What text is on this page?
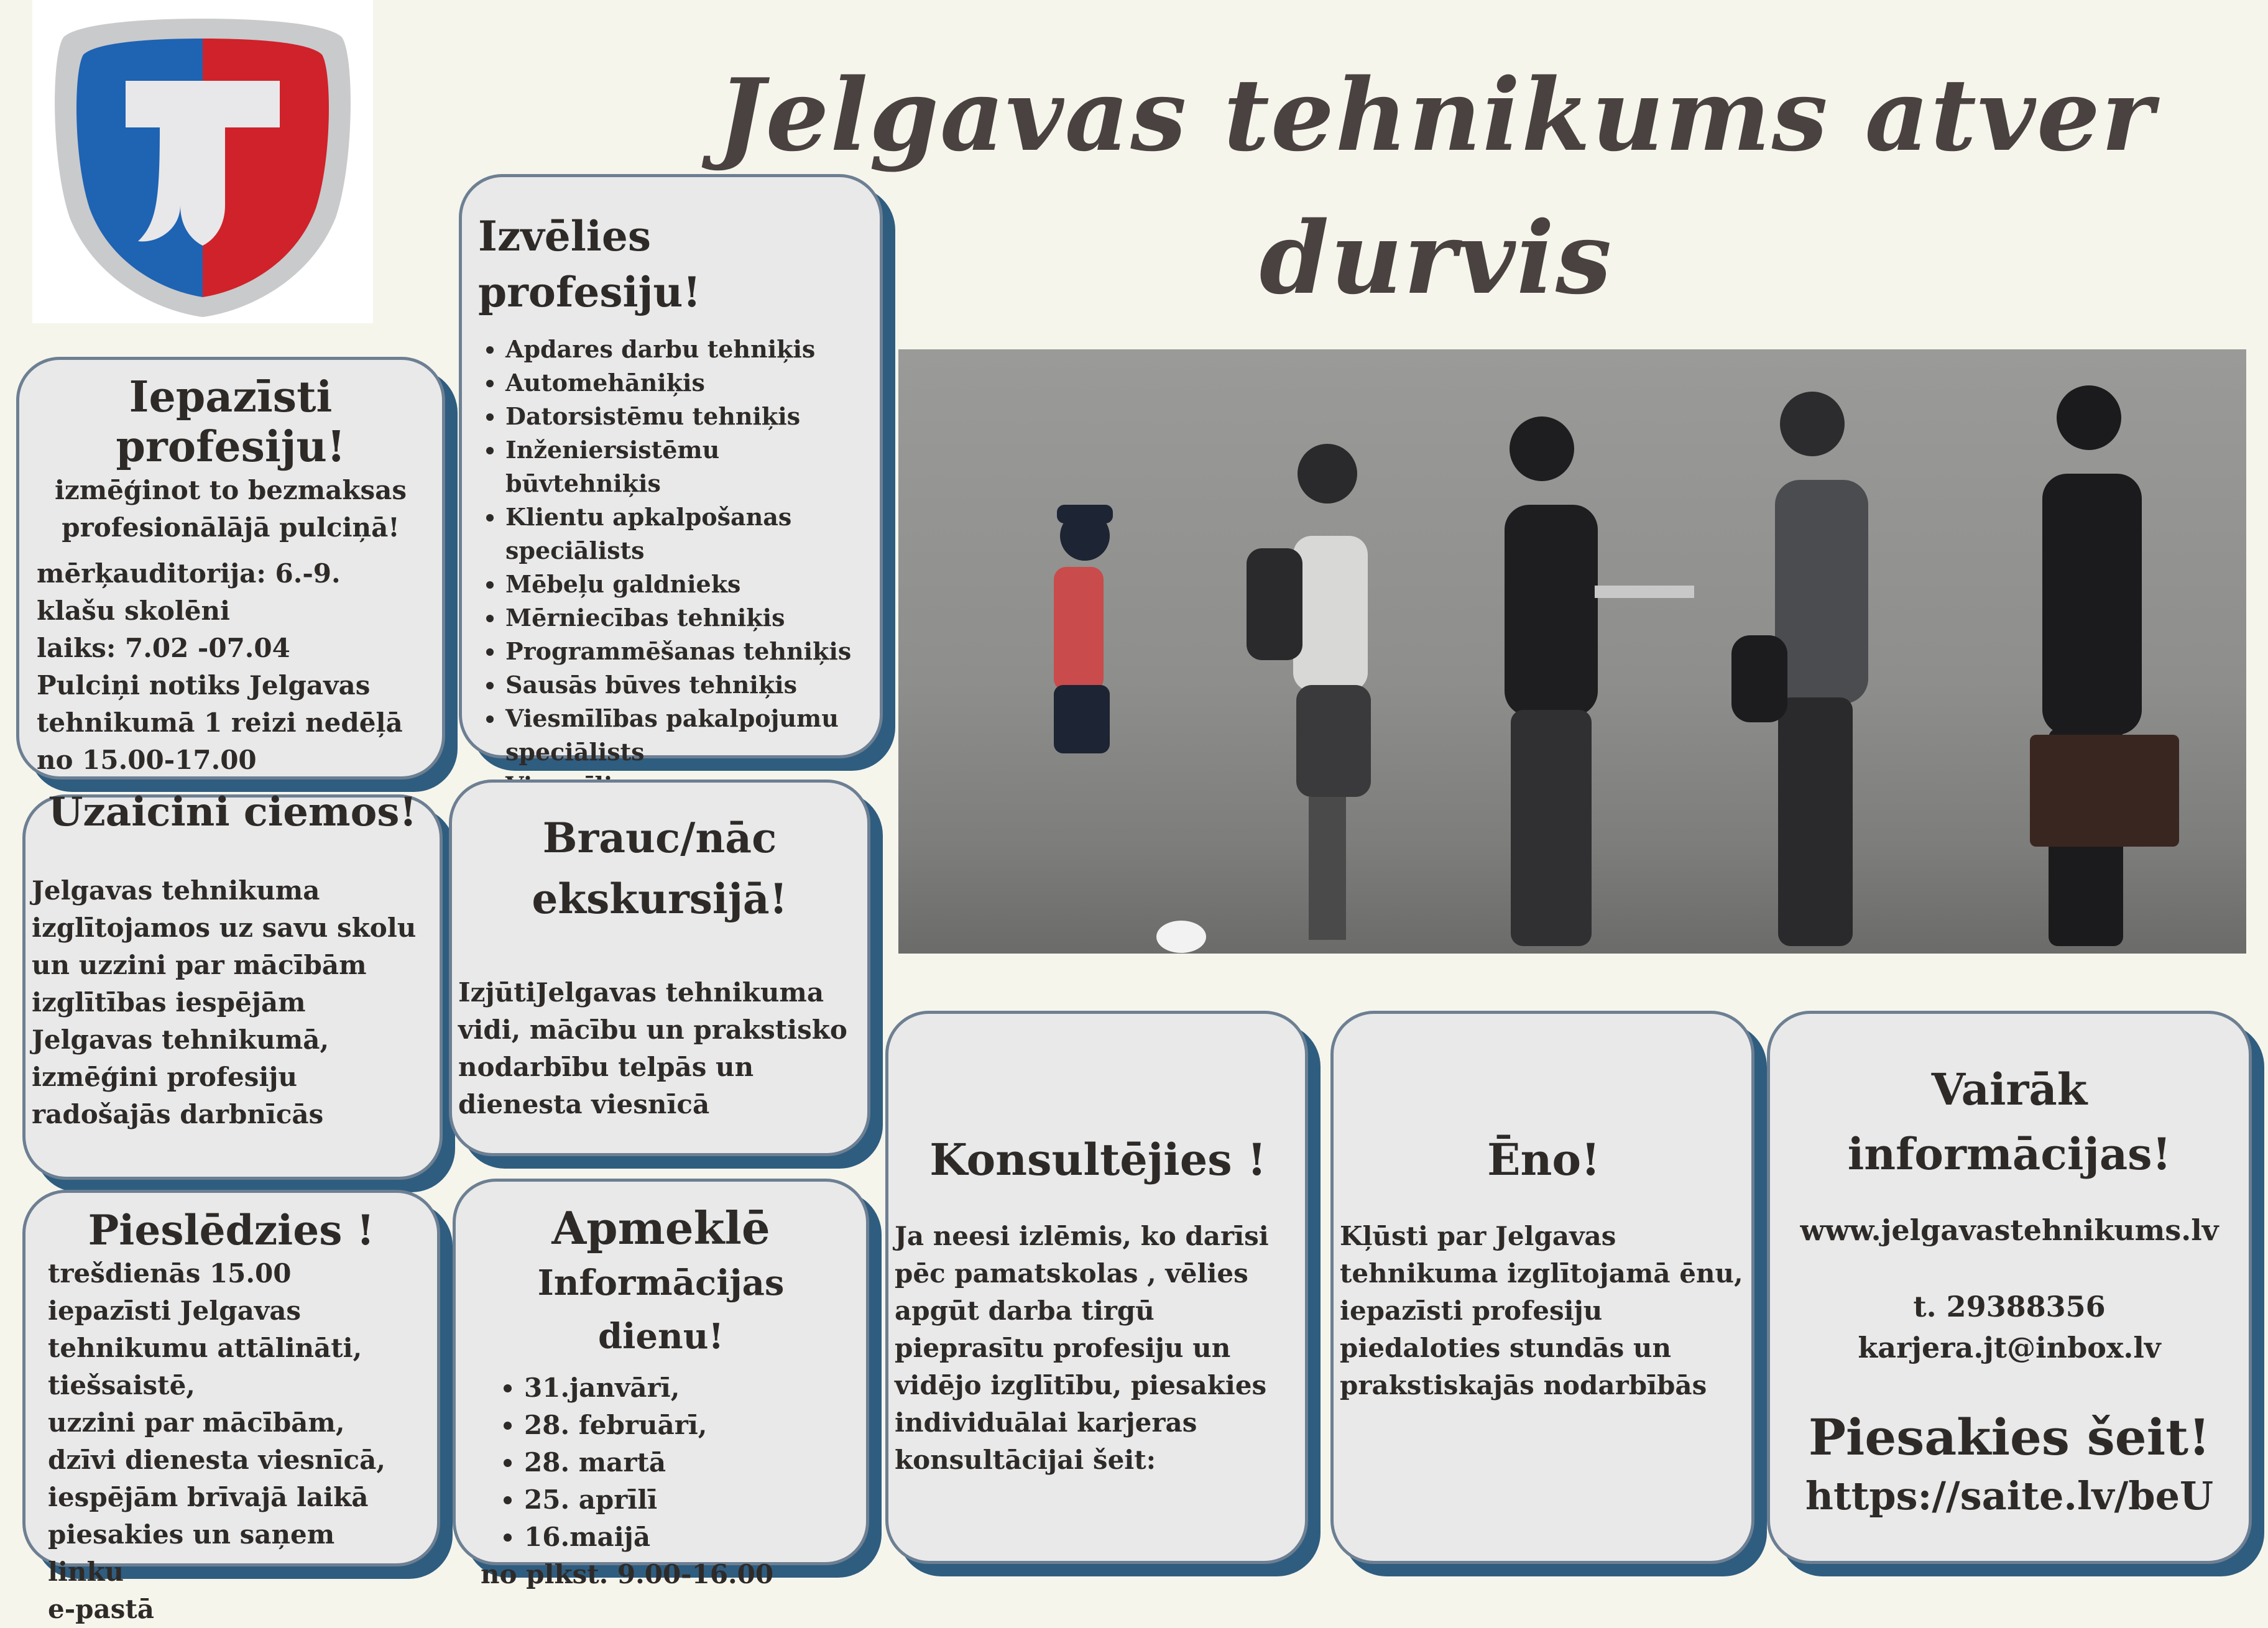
Jelgavas tehnikums atver durvis

Izvēlies profesiju!

• Apdares darbu tehniķis
• Automehāniķis
• Datorsistēmu tehniķis
• Inženiersistēmu būvtehniķis
• Klientu apkalpošanas speciālists
• Mēbeļu galdnieks
• Mērniecības tehniķis
• Programmēšanas tehniķis
• Sausās būves tehniķis
• Viesmīlības pakalpojumu speciālists
•

Iepazīsti profesiju!

izmēģinot to bezmaksas
profesionālājā pulciņā!

mērķauditorija: 6.-9. klašu skolēni

laiks: 7.02 -07.04

Pulciņi notiks Jelgavas tehnikumā 1 reizi nedēļā no 15.00-17.00

Uzaicini ciemos!

Jelgavas tehnikuma izglītojamos uz savu skolu un uzzini par mācībām izglītības iespējām Jelgavas tehnikumā, izmēģini profesiju radošajās darbnīcās

Brauc/nāc
ekskursijā!

IzjūtiJelgavas tehnikuma vidi, mācību un prakstisko nodarbību telpās un dienesta viesnīcā

Pieslēdzies !

trešdienās 15.00 iepazīsti Jelgavas tehnikumu attālināti, tiešsaistē,

uzzini par mācībām, dzīvi dienesta viesnīcā, iespējām brīvajā laikā

piesakies un saņem linku

e-pastā

Apmeklē
Informācijas dienu!
• 31.janvārī,
• 28. februārī,
• 28. martā
• 25. aprīlī
• 16.maijā

no plkst. 9.00-16.00

Konsultējies !

Ja neesi izlēmis, ko darīsi pēc pamatskolas , vēlies apgūt darba tirgū pieprasītu profesiju un vidējo izglītību, piesakies individuālai karjeras konsultācijai šeit:

Ēno!

Kļūsti par Jelgavas tehnikuma izglītojamā ēnu, iepazīsti profesiju piedaloties stundās un prakstiskajās nodarbībās

Vairāk
informācijas!
www.jelgavastehnikums.lv
t. 29388356
karjera.jt@inbox.lv
Piesakies šeit!
https://saite.lv/beU
